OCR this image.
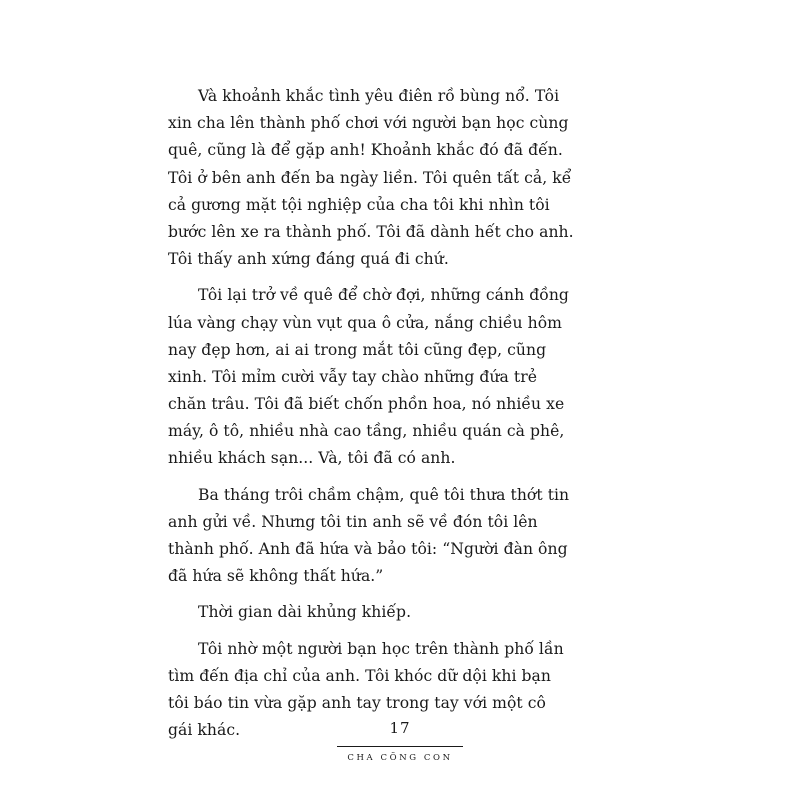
Và khoảnh khắc tình yêu điên rồ bùng nổ. Tôi
xin cha lên thành phố chơi với người bạn học cùng
quê, cũng là để gặp anh! Khoảnh khắc đó đã đến.
Tôi ở bên anh đến ba ngày liền. Tôi quên tất cả, kể
cả gương mặt tội nghiệp của cha tôi khi nhìn tôi
bước lên xe ra thành phố. Tôi đã dành hết cho anh.
Tôi thấy anh xứng đáng quá đi chứ.
Tôi lại trở về quê để chờ đợi, những cánh đồng
lúa vàng chạy vùn vụt qua ô cửa, nắng chiều hôm
nay đẹp hơn, ai ai trong mắt tôi cũng đẹp, cũng
xinh. Tôi mỉm cười vẫy tay chào những đứa trẻ
chăn trâu. Tôi đã biết chốn phồn hoa, nó nhiều xe
máy, ô tô, nhiều nhà cao tầng, nhiều quán cà phê,
nhiều khách sạn... Và, tôi đã có anh.
Ba tháng trôi chầm chậm, quê tôi thưa thớt tin
anh gửi về. Nhưng tôi tin anh sẽ về đón tôi lên
thành phố. Anh đã hứa và bảo tôi: “Người đàn ông
đã hứa sẽ không thất hứa.”
Thời gian dài khủng khiếp.
Tôi nhờ một người bạn học trên thành phố lần
tìm đến địa chỉ của anh. Tôi khóc dữ dội khi bạn
tôi báo tin vừa gặp anh tay trong tay với một cô
gái khác.	17
CHA CÕNG CON
